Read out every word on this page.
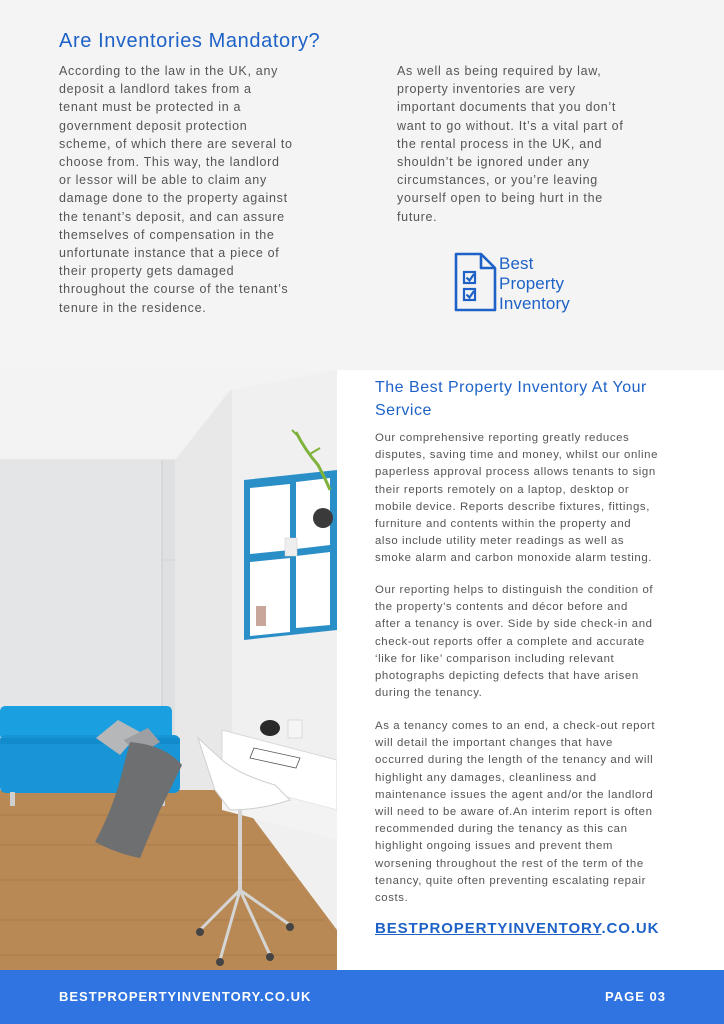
Are Inventories Mandatory?
According to the law in the UK, any
deposit a landlord takes from a
tenant must be protected in a
government deposit protection
scheme, of which there are several to
choose from. This way, the landlord
or lessor will be able to claim any
damage done to the property against
the tenant’s deposit, and can assure
themselves of compensation in the
unfortunate instance that a piece of
their property gets damaged
throughout the course of the tenant’s
tenure in the residence.
As well as being required by law,
property inventories are very
important documents that you don’t
want to go without. It’s a vital part of
the rental process in the UK, and
shouldn’t be ignored under any
circumstances, or you’re leaving
yourself open to being hurt in the
future.
Best
Property
Inventory
The Best Property Inventory At Your
Service
Our comprehensive reporting greatly reduces
disputes, saving time and money, whilst our online
paperless approval process allows tenants to sign
their reports remotely on a laptop, desktop or
mobile device. Reports describe fixtures, fittings,
furniture and contents within the property and
also include utility meter readings as well as
smoke alarm and carbon monoxide alarm testing.
Our reporting helps to distinguish the condition of
the property’s contents and décor before and
after a tenancy is over. Side by side check-in and
check-out reports offer a complete and accurate
‘like for like’ comparison including relevant
photographs depicting defects that have arisen
during the tenancy.
As a tenancy comes to an end, a check-out report
will detail the important changes that have
occurred during the length of the tenancy and will
highlight any damages, cleanliness and
maintenance issues the agent and/or the landlord
will need to be aware of.An interim report is often
recommended during the tenancy as this can
highlight ongoing issues and prevent them
worsening throughout the rest of the term of the
tenancy, quite often preventing escalating repair
costs.
BESTPROPERTYINVENTORY.CO.UK
BESTPROPERTYINVENTORY.CO.UK	PAGE 03
